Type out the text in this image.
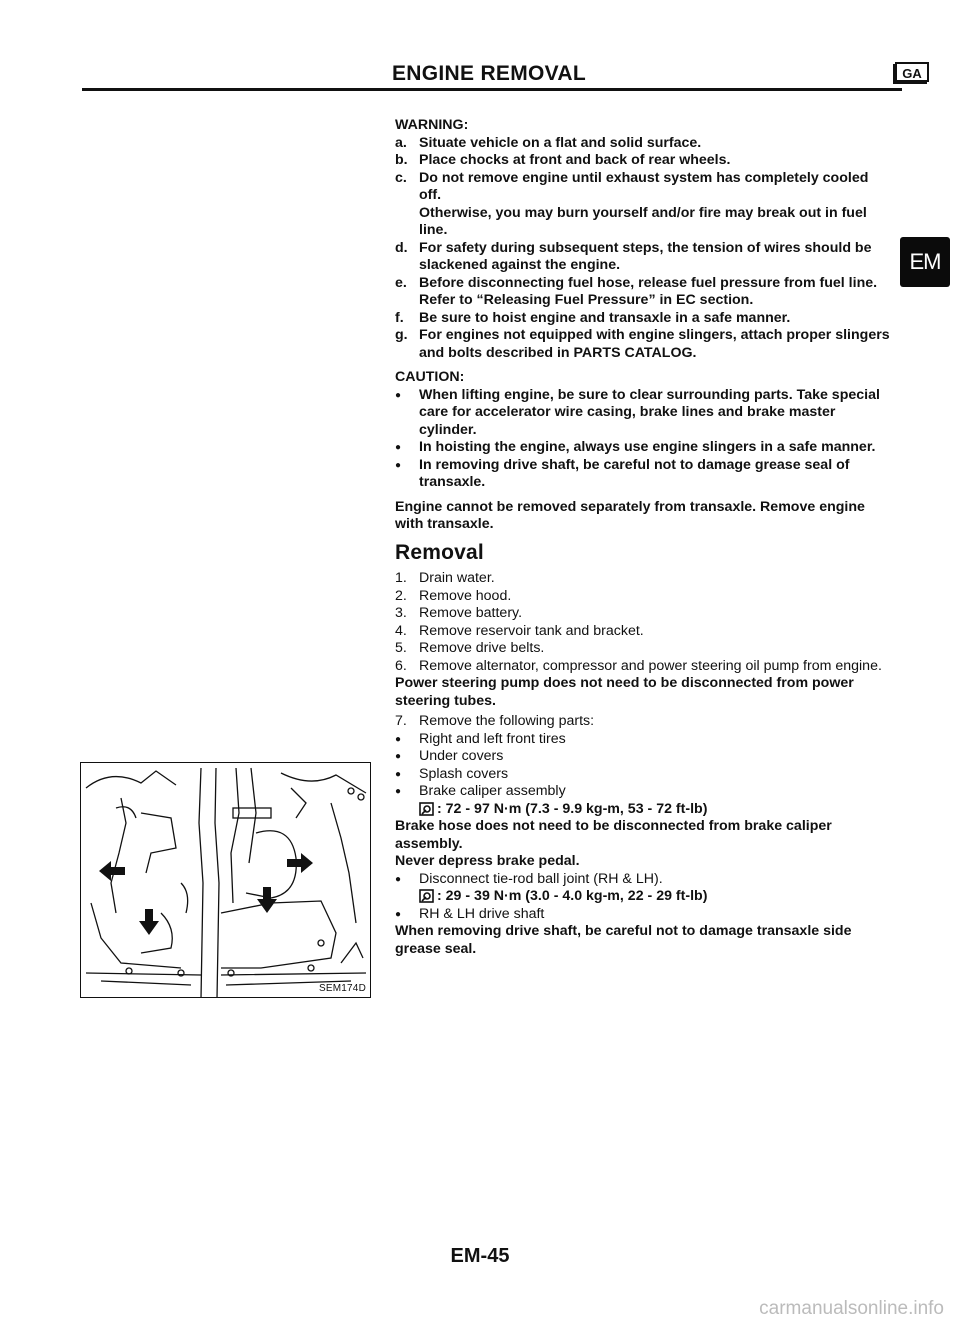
ENGINE REMOVAL	GA
EM

WARNING:

a. Situate vehicle on a flat and solid surface.
b. Place chocks at front and back of rear wheels.
c. Do not remove engine until exhaust system has completely cooled off.
Otherwise, you may burn yourself and/or fire may break out in fuel line.
d. For safety during subsequent steps, the tension of wires should be slackened against the engine.
e. Before disconnecting fuel hose, release fuel pressure from fuel line.
Refer to “Releasing Fuel Pressure” in EC section.
f. Be sure to hoist engine and transaxle in a safe manner.
g. For engines not equipped with engine slingers, attach proper slingers and bolts described in PARTS CATALOG.

CAUTION:

● When lifting engine, be sure to clear surrounding parts. Take special care for accelerator wire casing, brake lines and brake master cylinder.
● In hoisting the engine, always use engine slingers in a safe manner.
● In removing drive shaft, be careful not to damage grease seal of transaxle.

Engine cannot be removed separately from transaxle. Remove engine with transaxle.

Removal
1. Drain water.
2. Remove hood.
3. Remove battery.
4. Remove reservoir tank and bracket.
5. Remove drive belts.
6. Remove alternator, compressor and power steering oil pump from engine.

Power steering pump does not need to be disconnected from power steering tubes.

7. Remove the following parts:
● Right and left front tires
● Under covers
● Splash covers
● Brake caliper assembly
: 72 - 97 N·m (7.3 - 9.9 kg-m, 53 - 72 ft-lb)

Brake hose does not need to be disconnected from brake caliper assembly.

Never depress brake pedal.

● Disconnect tie-rod ball joint (RH & LH).
: 29 - 39 N·m (3.0 - 4.0 kg-m, 22 - 29 ft-lb)
● RH & LH drive shaft

When removing drive shaft, be careful not to damage transaxle side grease seal.

SEM174D
EM-45
carmanualsonline.info
